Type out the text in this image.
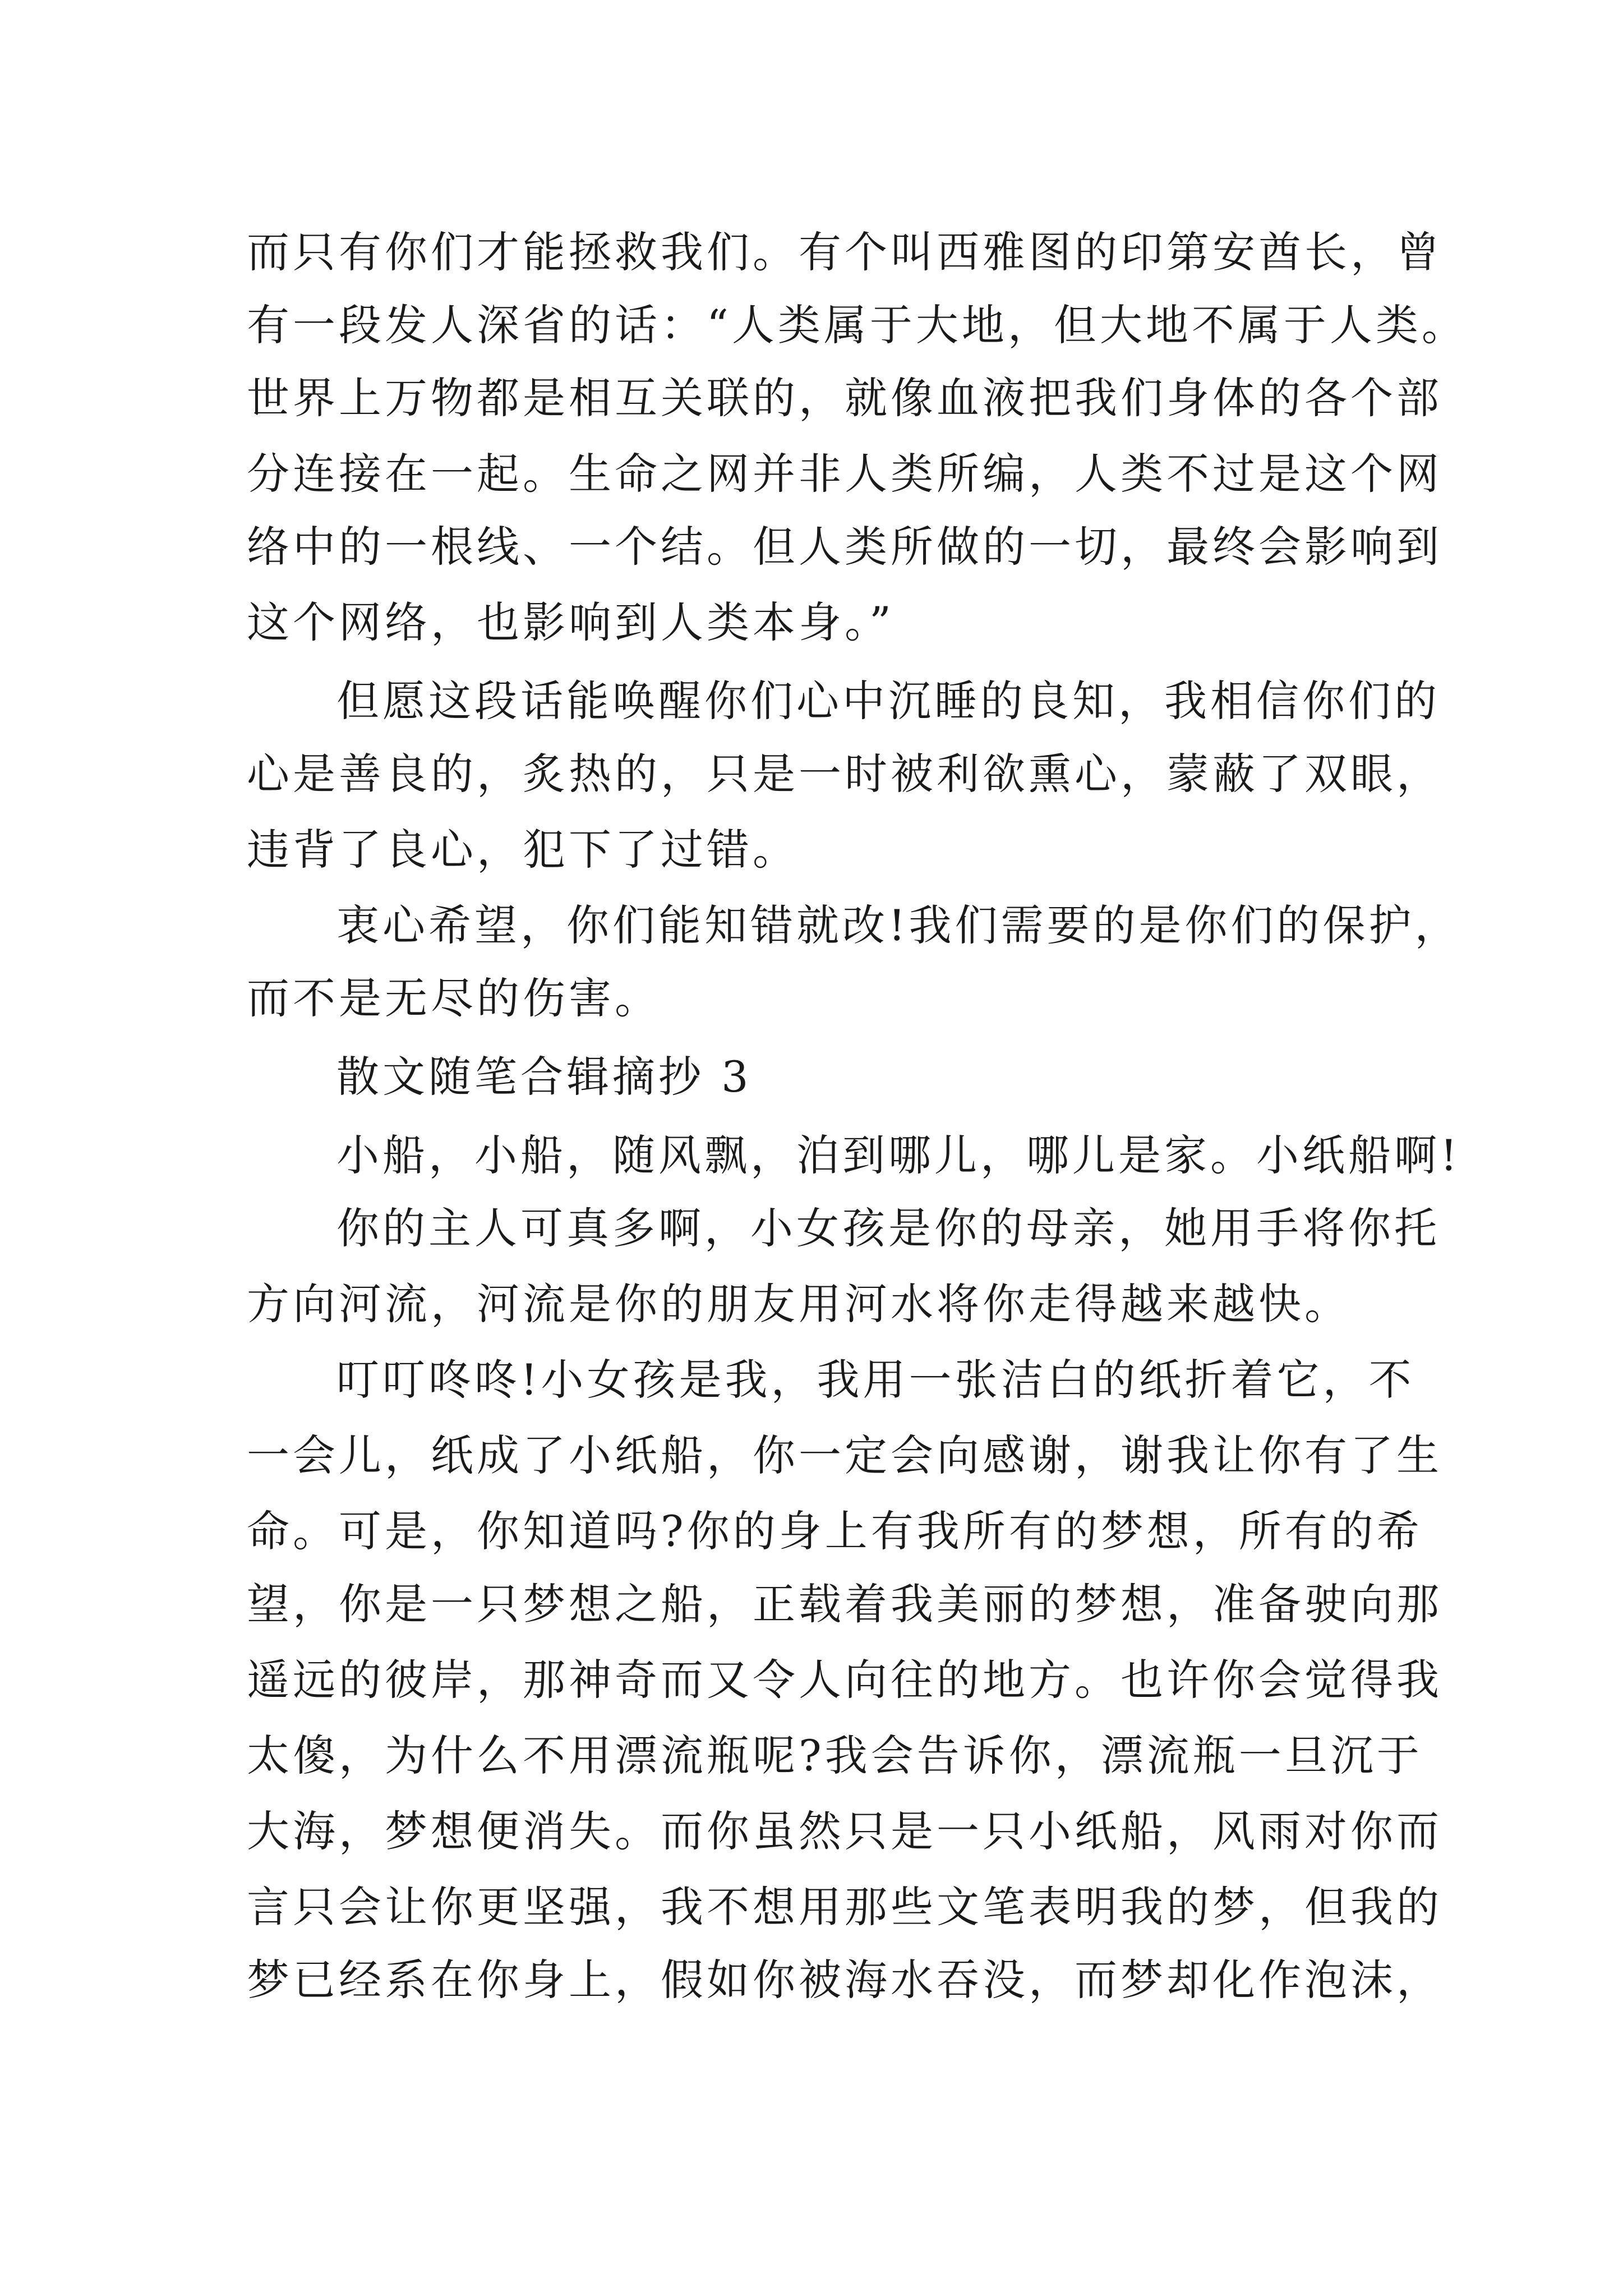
而只有你们才能拯救我们。有个叫西雅图的印第安酋长，曾
有一段发人深省的话：“人类属于大地，但大地不属于人类。
世界上万物都是相互关联的，就像血液把我们身体的各个部
分连接在一起。生命之网并非人类所编，人类不过是这个网
络中的一根线、一个结。但人类所做的一切，最终会影响到
这个网络，也影响到人类本身。”
但愿这段话能唤醒你们心中沉睡的良知，我相信你们的
心是善良的，炙热的，只是一时被利欲熏心，蒙蔽了双眼，
违背了良心，犯下了过错。
衷心希望，你们能知错就改!我们需要的是你们的保护，
而不是无尽的伤害。
散文随笔合辑摘抄 3
小船，小船，随风飘，泊到哪儿，哪儿是家。小纸船啊!
你的主人可真多啊，小女孩是你的母亲，她用手将你托
方向河流，河流是你的朋友用河水将你走得越来越快。
叮叮咚咚!小女孩是我，我用一张洁白的纸折着它，不
一会儿，纸成了小纸船，你一定会向感谢，谢我让你有了生
命。可是，你知道吗?你的身上有我所有的梦想，所有的希
望，你是一只梦想之船，正载着我美丽的梦想，准备驶向那
遥远的彼岸，那神奇而又令人向往的地方。也许你会觉得我
太傻，为什么不用漂流瓶呢?我会告诉你，漂流瓶一旦沉于
大海，梦想便消失。而你虽然只是一只小纸船，风雨对你而
言只会让你更坚强，我不想用那些文笔表明我的梦，但我的
梦已经系在你身上，假如你被海水吞没，而梦却化作泡沫，
